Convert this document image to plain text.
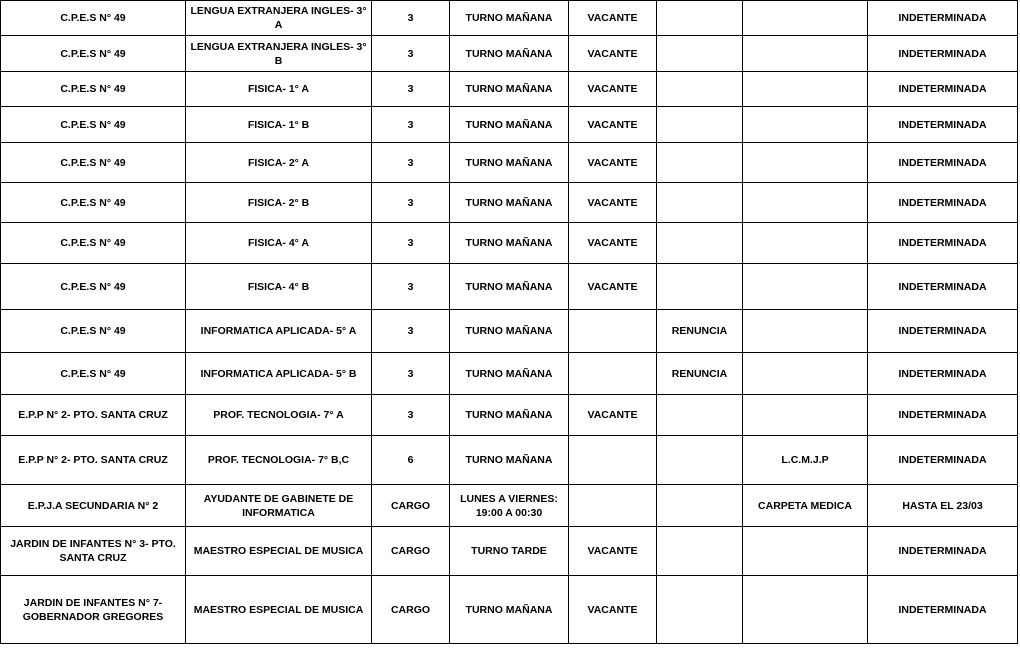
C.P.E.S N° 49	LENGUA EXTRANJERA INGLES- 3° A	3	TURNO MAÑANA	VACANTE			INDETERMINADA
C.P.E.S N° 49	LENGUA EXTRANJERA INGLES- 3° B	3	TURNO MAÑANA	VACANTE			INDETERMINADA
C.P.E.S N° 49	FISICA- 1° A	3	TURNO MAÑANA	VACANTE			INDETERMINADA
C.P.E.S N° 49	FISICA- 1° B	3	TURNO MAÑANA	VACANTE			INDETERMINADA
C.P.E.S N° 49	FISICA- 2° A	3	TURNO MAÑANA	VACANTE			INDETERMINADA
C.P.E.S N° 49	FISICA- 2° B	3	TURNO MAÑANA	VACANTE			INDETERMINADA
C.P.E.S N° 49	FISICA- 4° A	3	TURNO MAÑANA	VACANTE			INDETERMINADA
C.P.E.S N° 49	FISICA- 4° B	3	TURNO MAÑANA	VACANTE			INDETERMINADA
C.P.E.S N° 49	INFORMATICA APLICADA- 5° A	3	TURNO MAÑANA		RENUNCIA		INDETERMINADA
C.P.E.S N° 49	INFORMATICA APLICADA- 5° B	3	TURNO MAÑANA		RENUNCIA		INDETERMINADA
E.P.P N° 2- PTO. SANTA CRUZ	PROF. TECNOLOGIA- 7° A	3	TURNO MAÑANA	VACANTE			INDETERMINADA
E.P.P N° 2- PTO. SANTA CRUZ	PROF. TECNOLOGIA- 7° B,C	6	TURNO MAÑANA			L.C.M.J.P	INDETERMINADA
E.P.J.A SECUNDARIA N° 2	AYUDANTE DE GABINETE DE INFORMATICA	CARGO	LUNES A VIERNES: 19:00 A 00:30			CARPETA MEDICA	HASTA EL 23/03
JARDIN DE INFANTES N° 3- PTO. SANTA CRUZ	MAESTRO ESPECIAL DE MUSICA	CARGO	TURNO TARDE	VACANTE			INDETERMINADA
JARDIN DE INFANTES N° 7- GOBERNADOR GREGORES	MAESTRO ESPECIAL DE MUSICA	CARGO	TURNO MAÑANA	VACANTE			INDETERMINADA
